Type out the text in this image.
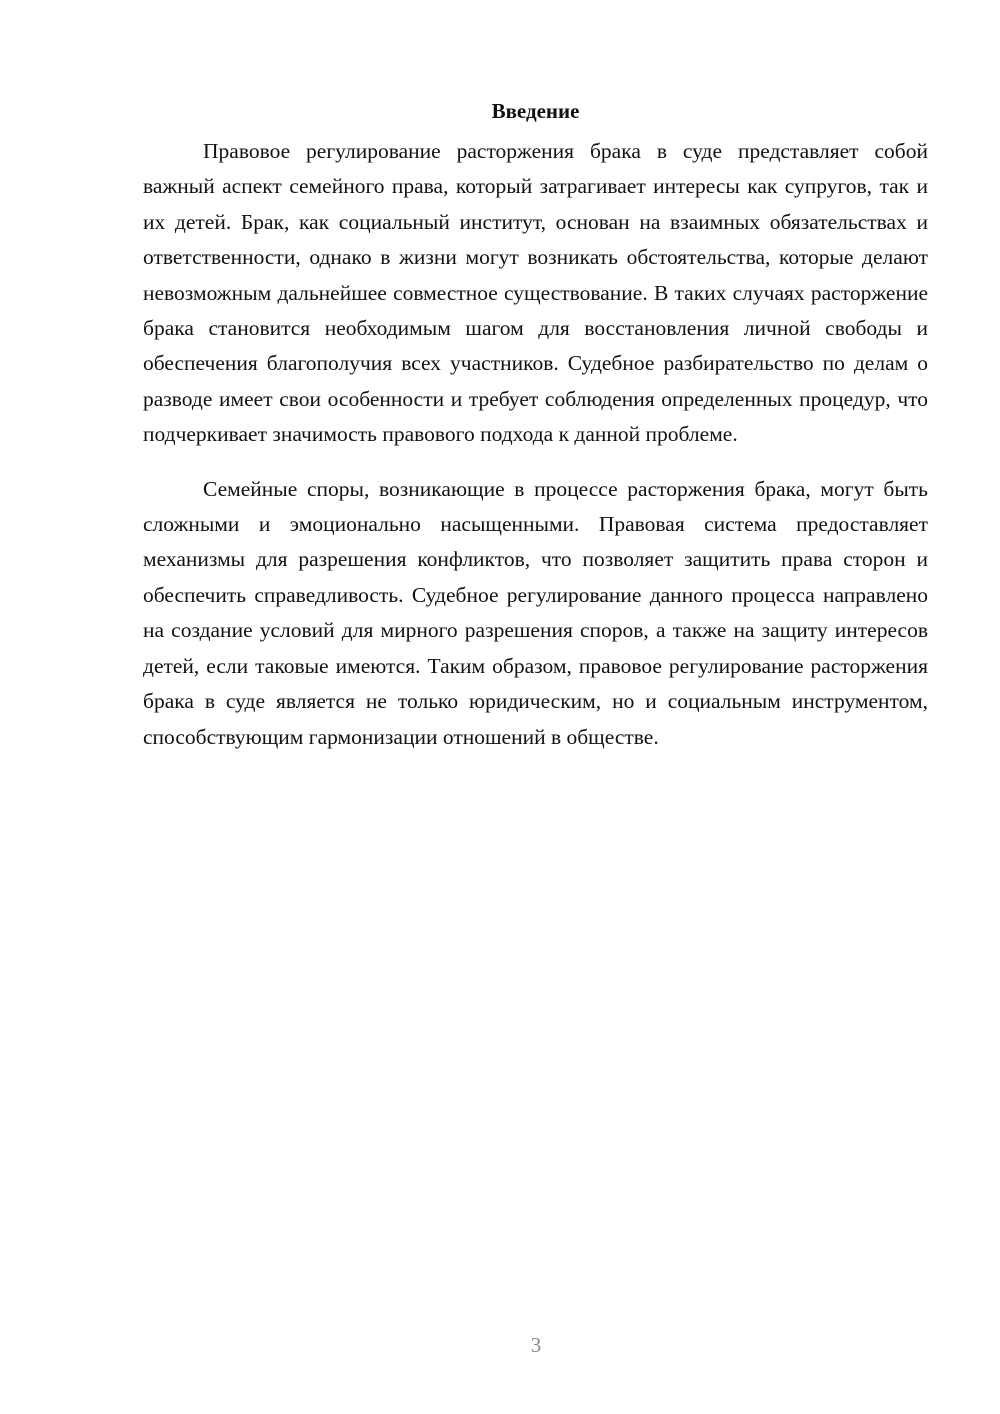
Введение

Правовое регулирование расторжения брака в суде представляет собой важный аспект семейного права, который затрагивает интересы как супругов, так и их детей. Брак, как социальный институт, основан на взаимных обязательствах и ответственности, однако в жизни могут возникать обстоятельства, которые делают невозможным дальнейшее совместное существование. В таких случаях расторжение брака становится необходимым шагом для восстановления личной свободы и обеспечения благополучия всех участников. Судебное разбирательство по делам о разводе имеет свои особенности и требует соблюдения определенных процедур, что подчеркивает значимость правового подхода к данной проблеме.

Семейные споры, возникающие в процессе расторжения брака, могут быть сложными и эмоционально насыщенными. Правовая система предоставляет механизмы для разрешения конфликтов, что позволяет защитить права сторон и обеспечить справедливость. Судебное регулирование данного процесса направлено на создание условий для мирного разрешения споров, а также на защиту интересов детей, если таковые имеются. Таким образом, правовое регулирование расторжения брака в суде является не только юридическим, но и социальным инструментом, способствующим гармонизации отношений в обществе.

3
